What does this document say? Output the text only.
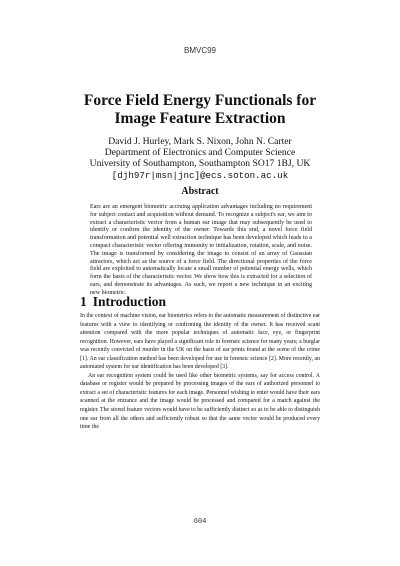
BMVC99
Force Field Energy Functionals for
Image Feature Extraction
David J. Hurley, Mark S. Nixon, John N. Carter
Department of Electronics and Computer Science
University of Southampton, Southampton SO17 1BJ, UK
[djh97r|msn|jnc]@ecs.soton.ac.uk
Abstract

Ears are an emergent biometric accruing application advantages including no requirement for subject contact and acquisition without demand. To recognize a subject's ear, we aim to extract a characteristic vector from a human ear image that may subsequently be used to identify or confirm the identity of the owner. Towards this end, a novel force field transformation and potential well extraction technique has been developed which leads to a compact characteristic vector offering immunity to initialization, rotation, scale, and noise. The image is transformed by considering the image to consist of an array of Gaussian attractors, which act as the source of a force field. The directional properties of the force field are exploited to automatically locate a small number of potential energy wells, which form the basis of the characteristic vector. We show how this is extracted for a selection of ears, and demonstrate its advantages. As such, we report a new technique in an exciting new biometric.

1 Introduction

In the context of machine vision, ear biometrics refers to the automatic measurement of distinctive ear features with a view to identifying or confirming the identity of the owner. It has received scant attention compared with the more popular techniques of automatic face, eye, or fingerprint recognition. However, ears have played a significant role in forensic science for many years; a burglar was recently convicted of murder in the UK on the basis of ear prints found at the scene of the crime [1]. An ear classification method has been developed for use in forensic science [2]. More recently, an automated system for ear identification has been developed [3].

An ear recognition system could be used like other biometric systems, say for access control. A database or register would be prepared by processing images of the ears of authorized personnel to extract a set of characteristic features for each image. Personnel wishing to enter would have their ears scanned at the entrance and the image would be processed and compared for a match against the register. The stored feature vectors would have to be sufficiently distinct so as to be able to distinguish one ear from all the others and sufficiently robust so that the same vector would be produced every time the

604
